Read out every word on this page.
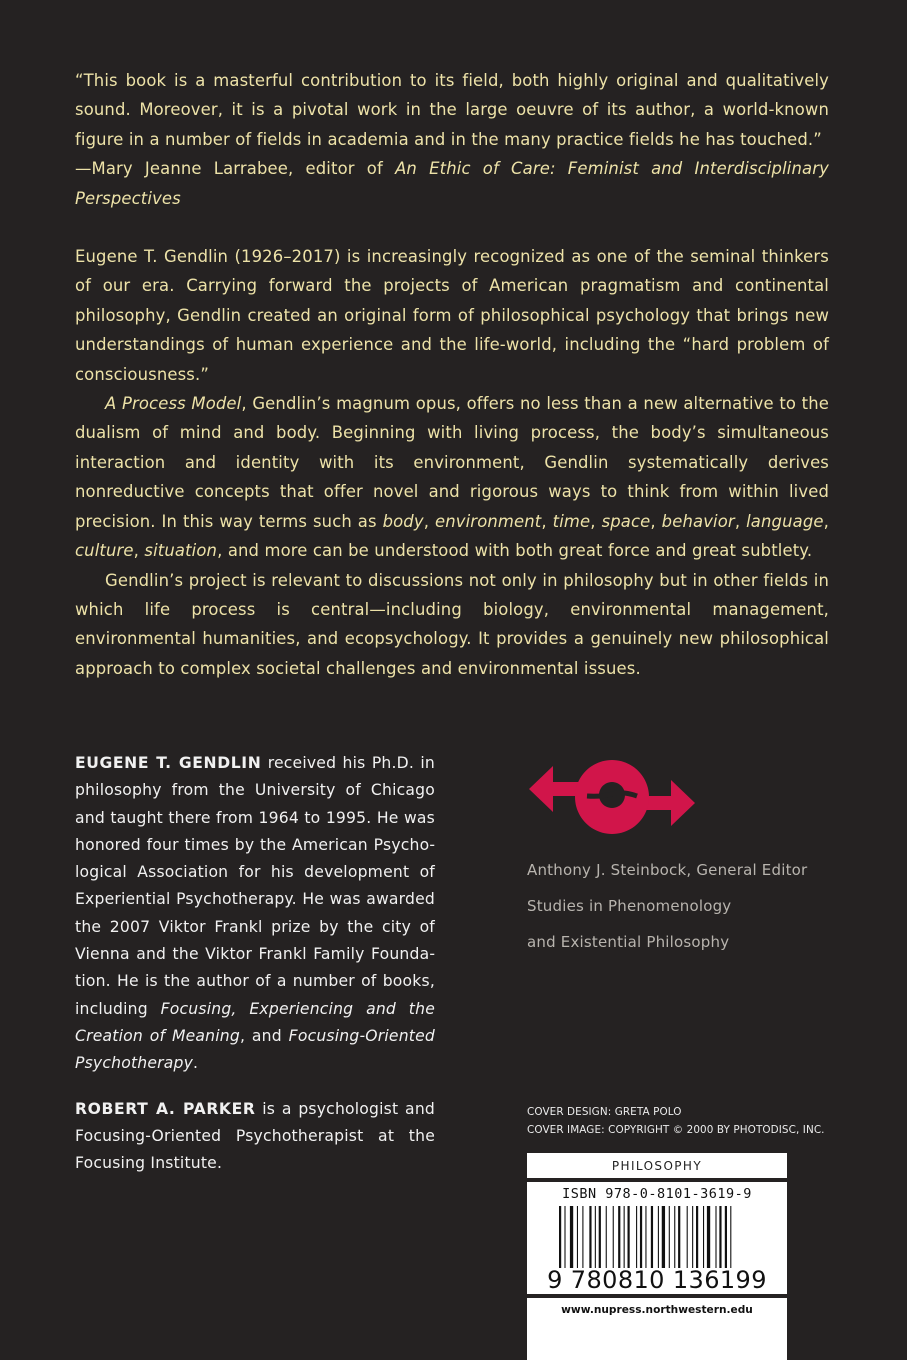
“This book is a masterful contribution to its field, both highly original and qualitatively sound. Moreover, it is a pivotal work in the large oeuvre of its author, a world-known figure in a number of fields in academia and in the many practice fields he has touched.”
—Mary Jeanne Larrabee, editor of An Ethic of Care: Feminist and Interdisciplinary Perspectives

Eugene T. Gendlin (1926–2017) is increasingly recognized as one of the seminal thinkers of our era. Carrying forward the projects of American pragmatism and continental philosophy, Gendlin created an original form of philosophical psychology that brings new understandings of human experience and the life-world, including the “hard problem of consciousness.”

A Process Model, Gendlin’s magnum opus, offers no less than a new alternative to the dualism of mind and body. Beginning with living process, the body’s simultaneous interaction and identity with its environment, Gendlin systematically derives nonreductive concepts that offer novel and rigorous ways to think from within lived precision. In this way terms such as body, environment, time, space, behavior, language, culture, situation, and more can be understood with both great force and great subtlety.

Gendlin’s project is relevant to discussions not only in philosophy but in other fields in which life process is central—including biology, environmental management, environmental humanities, and ecopsychology. It provides a genuinely new philosophical approach to complex societal challenges and environmental issues.

EUGENE T. GENDLIN received his Ph.D. in philosophy from the University of Chicago and taught there from 1964 to 1995. He was honored four times by the American Psychological Association for his development of Experiential Psychotherapy. He was awarded the 2007 Viktor Frankl prize by the city of Vienna and the Viktor Frankl Family Foundation. He is the author of a number of books, including Focusing, Experiencing and the Creation of Meaning, and Focusing-Oriented Psychotherapy.

ROBERT A. PARKER is a psychologist and Focusing-Oriented Psychotherapist at the Focusing Institute.

Anthony J. Steinbock, General Editor
Studies in Phenomenology
and Existential Philosophy
COVER DESIGN: GRETA POLO
COVER IMAGE: COPYRIGHT © 2000 BY PHOTODISC, INC.
PHILOSOPHY
ISBN 978-0-8101-3619-9
9 780810 136199
www.nupress.northwestern.edu
